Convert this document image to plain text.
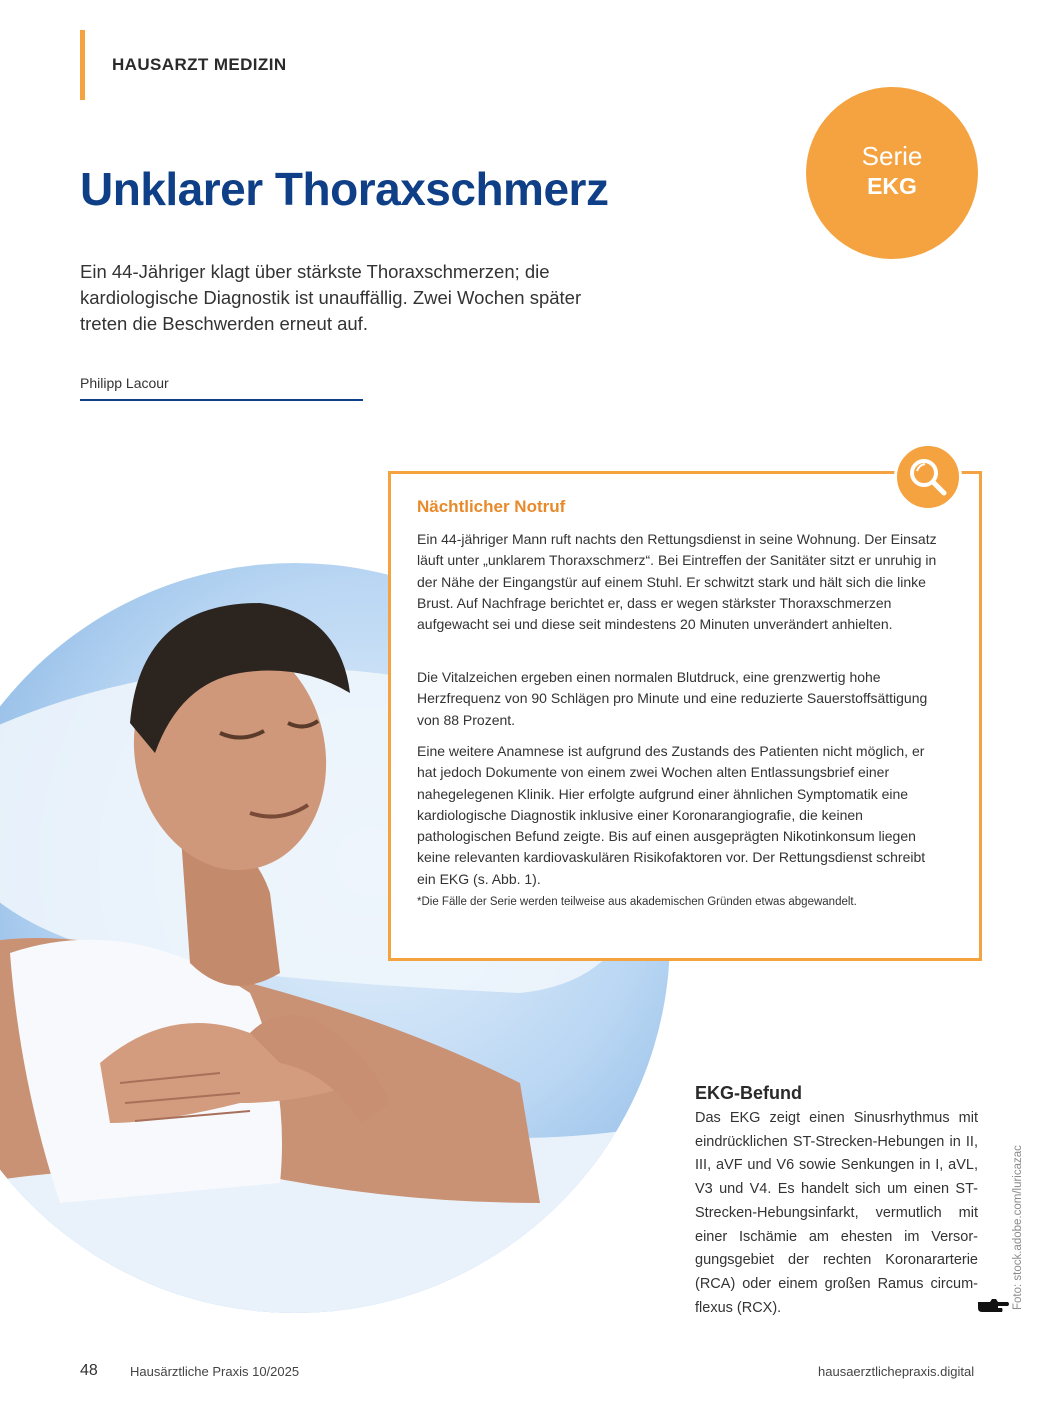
HAUSARZT MEDIZIN
Unklarer Thoraxschmerz
Serie
EKG

Ein 44-Jähriger klagt über stärkste Thoraxschmerzen; die kardiologische Diagnostik ist unauffällig. Zwei Wochen später treten die Beschwerden erneut auf.

Philipp Lacour
Nächtlicher Notruf

Ein 44-jähriger Mann ruft nachts den Rettungsdienst in seine Wohnung. Der Einsatz läuft unter „unklarem Thoraxschmerz“. Bei Eintreffen der Sanitäter sitzt er unruhig in der Nähe der Eingangstür auf einem Stuhl. Er schwitzt stark und hält sich die linke Brust. Auf Nachfrage berichtet er, dass er wegen stärkster Thoraxschmerzen aufgewacht sei und diese seit mindestens 20 Minuten unverändert anhielten.

Die Vitalzeichen ergeben einen normalen Blutdruck, eine grenzwertig hohe Herzfrequenz von 90 Schlägen pro Minute und eine reduzierte Sauerstoffsättigung von 88 Prozent.

Eine weitere Anamnese ist aufgrund des Zustands des Patienten nicht möglich, er hat jedoch Dokumente von einem zwei Wochen alten Entlassungsbrief einer nahegelegenen Klinik. Hier erfolgte aufgrund einer ähnlichen Symptomatik eine kardiologische Diagnostik inklusive einer Koronarangiografie, die keinen pathologischen Befund zeigte. Bis auf einen ausgeprägten Nikotinkonsum liegen keine relevanten kardiovaskulären Risikofaktoren vor. Der Rettungsdienst schreibt ein EKG (s. Abb. 1).

*Die Fälle der Serie werden teilweise aus akademischen Gründen etwas abgewandelt.
EKG-Befund

Das EKG zeigt einen Sinusrhythmus mit eindrücklichen ST-Strecken-Hebungen in II, III, aVF und V6 sowie Senkungen in I, aVL, V3 und V4. Es handelt sich um einen ST-Strecken-Hebungsinfarkt, vermutlich mit einer Ischämie am ehesten im Versorgungsgebiet der rechten Koronararterie (RCA) oder einem großen Ramus circumflexus (RCX).	Foto: stock.adobe.com/luricazac
48 Hausärztliche Praxis 10/2025	hausaerztlichepraxis.digital
